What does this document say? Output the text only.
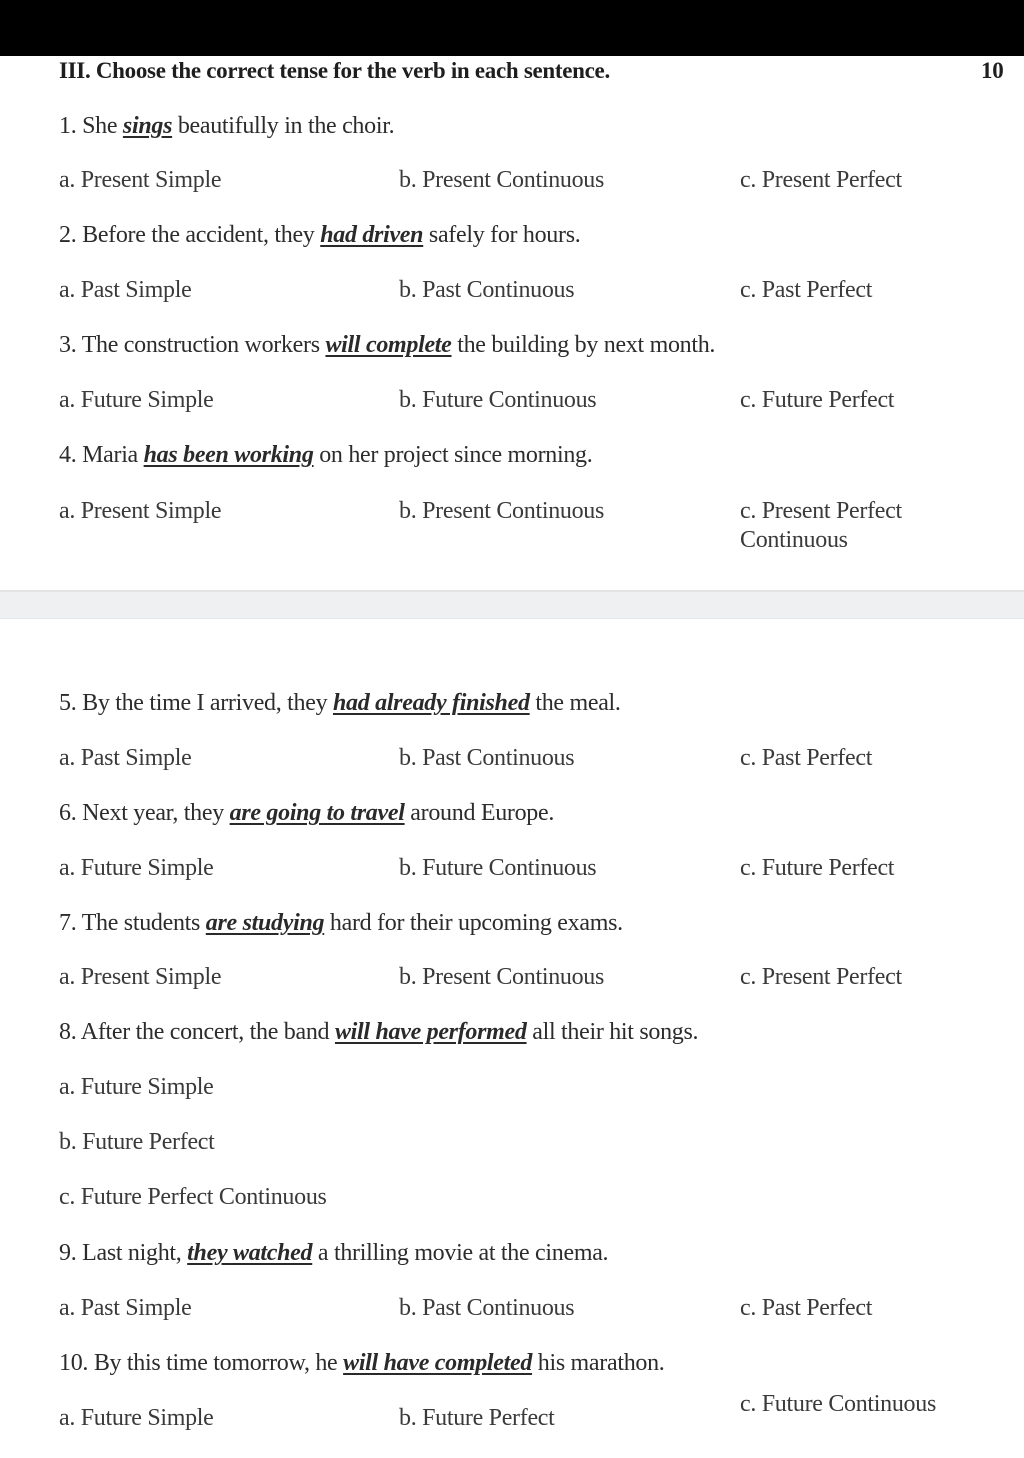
III. Choose the correct tense for the verb in each sentence.	10
1. She sings beautifully in the choir.
a. Present Simple	b. Present Continuous	c. Present Perfect
2. Before the accident, they had driven safely for hours.
a. Past Simple	b. Past Continuous	c. Past Perfect
3. The construction workers will complete the building by next month.
a. Future Simple	b. Future Continuous	c. Future Perfect
4. Maria has been working on her project since morning.
a. Present Simple	b. Present Continuous	c. Present Perfect
Continuous
5. By the time I arrived, they had already finished the meal.
a. Past Simple	b. Past Continuous	c. Past Perfect
6. Next year, they are going to travel around Europe.
a. Future Simple	b. Future Continuous	c. Future Perfect
7. The students are studying hard for their upcoming exams.
a. Present Simple	b. Present Continuous	c. Present Perfect
8. After the concert, the band will have performed all their hit songs.
a. Future Simple
b. Future Perfect
c. Future Perfect Continuous
9. Last night, they watched a thrilling movie at the cinema.
a. Past Simple	b. Past Continuous	c. Past Perfect
10. By this time tomorrow, he will have completed his marathon.
a. Future Simple	b. Future Perfect
c. Future Continuous
